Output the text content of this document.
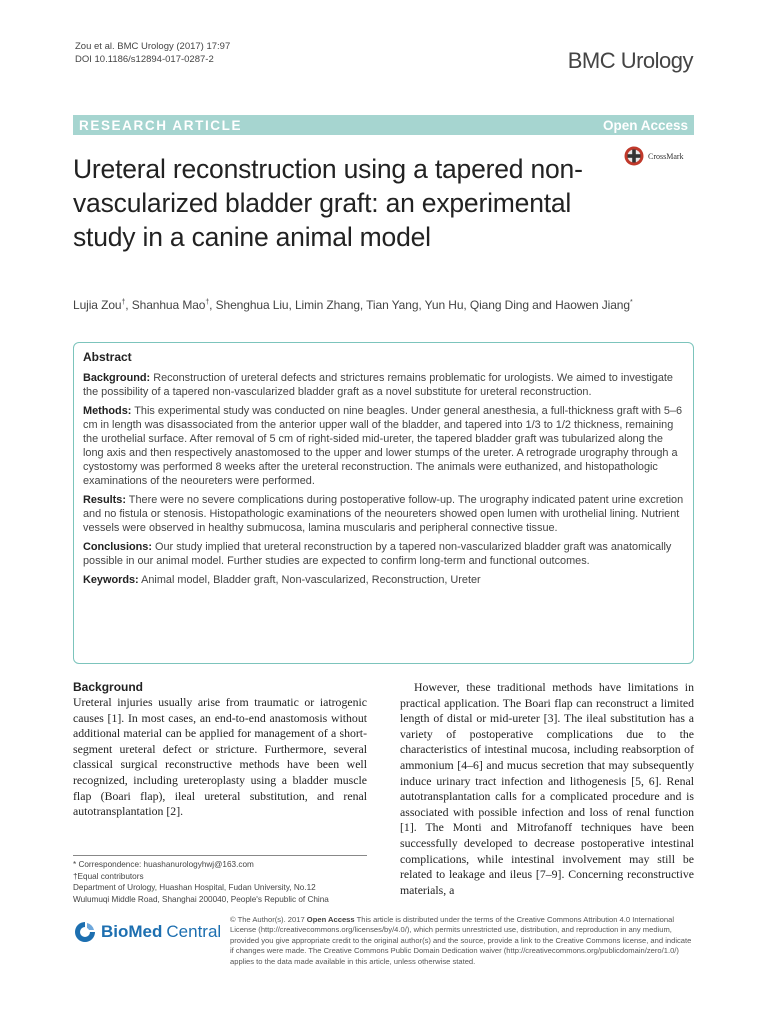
Zou et al. BMC Urology (2017) 17:97
DOI 10.1186/s12894-017-0287-2	BMC Urology
RESEARCH ARTICLE	Open Access
Ureteral reconstruction using a tapered non-vascularized bladder graft: an experimental study in a canine animal model
CrossMark
Lujia Zou†, Shanhua Mao†, Shenghua Liu, Limin Zhang, Tian Yang, Yun Hu, Qiang Ding and Haowen Jiang*
Abstract

Background: Reconstruction of ureteral defects and strictures remains problematic for urologists. We aimed to investigate the possibility of a tapered non-vascularized bladder graft as a novel substitute for ureteral reconstruction.

Methods: This experimental study was conducted on nine beagles. Under general anesthesia, a full-thickness graft with 5–6 cm in length was disassociated from the anterior upper wall of the bladder, and tapered into 1/3 to 1/2 thickness, remaining the urothelial surface. After removal of 5 cm of right-sided mid-ureter, the tapered bladder graft was tubularized along the long axis and then respectively anastomosed to the upper and lower stumps of the ureter. A retrograde urography through a cystostomy was performed 8 weeks after the ureteral reconstruction. The animals were euthanized, and histopathologic examinations of the neoureters were performed.

Results: There were no severe complications during postoperative follow-up. The urography indicated patent urine excretion and no fistula or stenosis. Histopathologic examinations of the neoureters showed open lumen with urothelial lining. Nutrient vessels were observed in healthy submucosa, lamina muscularis and peripheral connective tissue.

Conclusions: Our study implied that ureteral reconstruction by a tapered non-vascularized bladder graft was anatomically possible in our animal model. Further studies are expected to confirm long-term and functional outcomes.

Keywords: Animal model, Bladder graft, Non-vascularized, Reconstruction, Ureter

Background

Ureteral injuries usually arise from traumatic or iatrogenic causes [1]. In most cases, an end-to-end anastomosis without additional material can be applied for management of a short-segment ureteral defect or stricture. Furthermore, several classical surgical reconstructive methods have been well recognized, including ureteroplasty using a bladder muscle flap (Boari flap), ileal ureteral substitution, and renal autotransplantation [2].

However, these traditional methods have limitations in practical application. The Boari flap can reconstruct a limited length of distal or mid-ureter [3]. The ileal substitution has a variety of postoperative complications due to the characteristics of intestinal mucosa, including reabsorption of ammonium [4–6] and mucus secretion that may subsequently induce urinary tract infection and lithogenesis [5, 6]. Renal autotransplantation calls for a complicated procedure and is associated with possible infection and loss of renal function [1]. The Monti and Mitrofanoff techniques have been successfully developed to decrease postoperative intestinal complications, while intestinal involvement may still be related to leakage and ileus [7–9]. Concerning reconstructive materials, a

* Correspondence: huashanurologyhwj@163.com
†Equal contributors
Department of Urology, Huashan Hospital, Fudan University, No.12
Wulumuqi Middle Road, Shanghai 200040, People's Republic of China
BioMed Central
© The Author(s). 2017 Open Access This article is distributed under the terms of the Creative Commons Attribution 4.0 International License (http://creativecommons.org/licenses/by/4.0/), which permits unrestricted use, distribution, and reproduction in any medium, provided you give appropriate credit to the original author(s) and the source, provide a link to the Creative Commons license, and indicate if changes were made. The Creative Commons Public Domain Dedication waiver (http://creativecommons.org/publicdomain/zero/1.0/) applies to the data made available in this article, unless otherwise stated.
